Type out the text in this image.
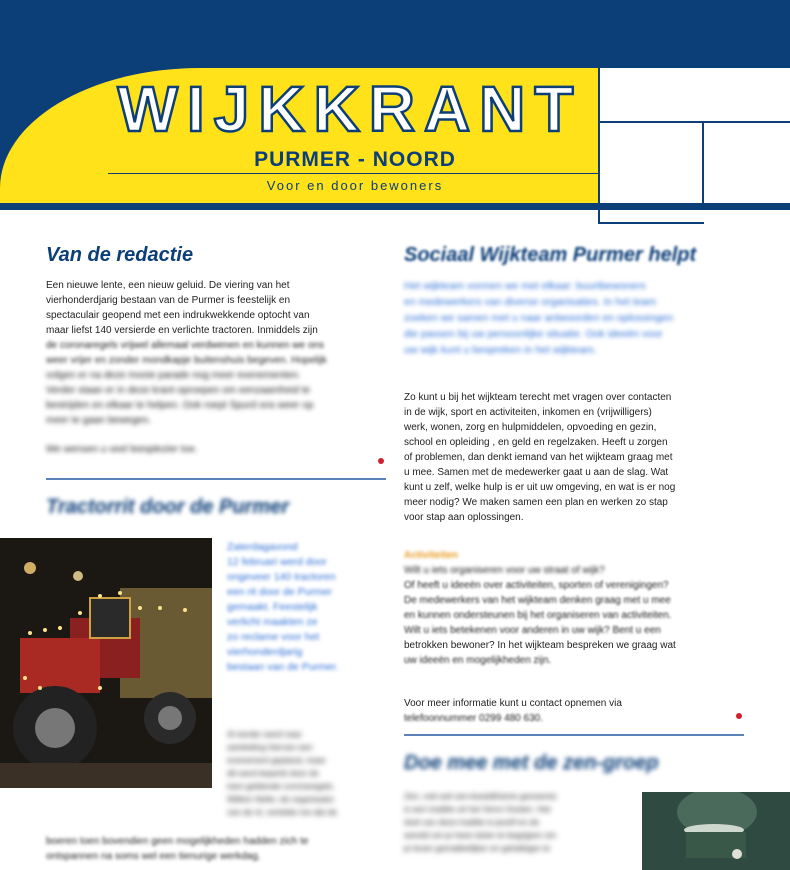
WIJKKRANT
PURMER - NOORD
Voor en door bewoners
Van de redactie
Een nieuwe lente, een nieuw geluid. De viering van het
vierhonderdjarig bestaan van de Purmer is feestelijk en
spectaculair geopend met een indrukwekkende optocht van
maar liefst 140 versierde en verlichte tractoren. Inmiddels zijn
de coronaregels vrijwel allemaal verdwenen en kunnen we ons
weer vrijer en zonder mondkapje buitenshuis begeven. Hopelijk
volgen er na deze mooie parade nog meer evenementen.
Verder staan er in deze krant oproepen om eenzaamheid te
bestrijden en elkaar te helpen. Ook roept Spurd ons weer op
meer te gaan bewegen.
We wensen u veel leesplezier toe.
Tractorrit door de Purmer
Zaterdagavond
12 februari werd door
ongeveer 140 tractoren
een rit door de Purmer
gemaakt. Feestelijk
verlicht maakten ze
zo reclame voor het
vierhonderdjarig
bestaan van de Purmer.
Al eerder werd naar
aanleiding hiervan een
evenement gepland, maar
dit werd beperkt door de
toen geldende coronaregels.
Willem Nefer, de organisator
van de rit, vertelde me dat de
boeren toen bovendien geen mogelijkheden hadden zich te
ontspannen na soms wel een tienurige werkdag.
Sociaal Wijkteam Purmer helpt
Het wijkteam vormen we met elkaar: buurtbewoners
en medewerkers van diverse organisaties. In het team
zoeken we samen met u naar antwoorden en oplossingen
die passen bij uw persoonlijke situatie. Ook ideeën voor
uw wijk kunt u bespreken in het wijkteam.
Zo kunt u bij het wijkteam terecht met vragen over contacten
in de wijk, sport en activiteiten, inkomen en (vrijwilligers)
werk, wonen, zorg en hulpmiddelen, opvoeding en gezin,
school en opleiding , en geld en regelzaken. Heeft u zorgen
of problemen, dan denkt iemand van het wijkteam graag met
u mee. Samen met de medewerker gaat u aan de slag. Wat
kunt u zelf, welke hulp is er uit uw omgeving, en wat is er nog
meer nodig? We maken samen een plan en werken zo stap
voor stap aan oplossingen.
Activiteiten
Wilt u iets organiseren voor uw straat of wijk?
Of heeft u ideeën over activiteiten, sporten of verenigingen?
De medewerkers van het wijkteam denken graag met u mee
en kunnen ondersteunen bij het organiseren van activiteiten.
Wilt u iets betekenen voor anderen in uw wijk? Bent u een
betrokken bewoner? In het wijkteam bespreken we graag wat
uw ideeën en mogelijkheden zijn.
Voor meer informatie kunt u contact opnemen via
telefoonnummer 0299 480 630.
Doe mee met de zen-groep
Zen, ook wel zen-boeddhisme genoemd,
is een traditie uit het Verre Oosten. Het
doel van deze traditie is jezelf en de
wereld om je heen beter te begrijpen om
je leven gemakkelijker en gelukkiger te
